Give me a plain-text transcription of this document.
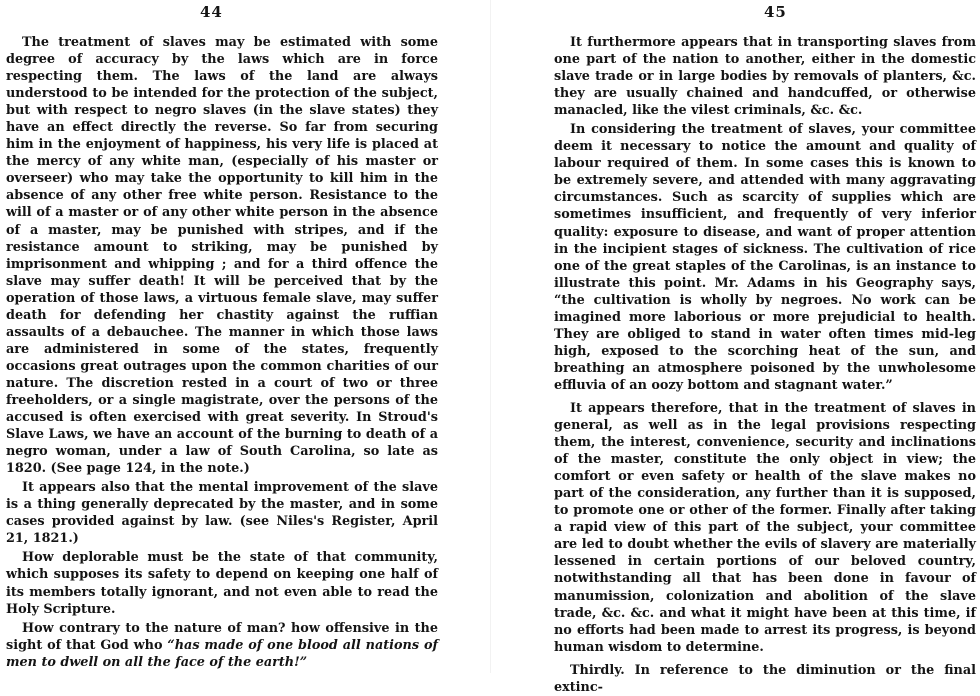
44

The treatment of slaves may be estimated with some degree of accuracy by the laws which are in force respecting them. The laws of the land are always understood to be intended for the protection of the subject, but with respect to negro slaves (in the slave states) they have an effect directly the reverse. So far from securing him in the enjoyment of happiness, his very life is placed at the mercy of any white man, (especially of his master or overseer) who may take the opportunity to kill him in the absence of any other free white person. Resistance to the will of a master or of any other white person in the absence of a master, may be punished with stripes, and if the resistance amount to striking, may be punished by imprisonment and whipping ; and for a third offence the slave may suffer death! It will be perceived that by the operation of those laws, a virtuous female slave, may suffer death for defending her chastity against the ruffian assaults of a debauchee. The manner in which those laws are administered in some of the states, frequently occasions great outrages upon the common charities of our nature. The discretion rested in a court of two or three freeholders, or a single magistrate, over the persons of the accused is often exercised with great severity. In Stroud's Slave Laws, we have an account of the burning to death of a negro woman, under a law of South Carolina, so late as 1820. (See page 124, in the note.)

It appears also that the mental improvement of the slave is a thing generally deprecated by the master, and in some cases provided against by law. (see Niles's Register, April 21, 1821.)

How deplorable must be the state of that community, which supposes its safety to depend on keeping one half of its members totally ignorant, and not even able to read the Holy Scripture.

How contrary to the nature of man? how offensive in the sight of that God who “has made of one blood all nations of men to dwell on all the face of the earth!”

45

It furthermore appears that in transporting slaves from one part of the nation to another, either in the domestic slave trade or in large bodies by removals of planters, &c. they are usually chained and handcuffed, or otherwise manacled, like the vilest criminals, &c. &c.

In considering the treatment of slaves, your committee deem it necessary to notice the amount and quality of labour required of them. In some cases this is known to be extremely severe, and attended with many aggravating circumstances. Such as scarcity of supplies which are sometimes insufficient, and frequently of very inferior quality: exposure to disease, and want of proper attention in the incipient stages of sickness. The cultivation of rice one of the great staples of the Carolinas, is an instance to illustrate this point. Mr. Adams in his Geography says, “the cultivation is wholly by negroes. No work can be imagined more laborious or more prejudicial to health. They are obliged to stand in water often times mid-leg high, exposed to the scorching heat of the sun, and breathing an atmosphere poisoned by the unwholesome effluvia of an oozy bottom and stagnant water.”

It appears therefore, that in the treatment of slaves in general, as well as in the legal provisions respecting them, the interest, convenience, security and inclinations of the master, constitute the only object in view; the comfort or even safety or health of the slave makes no part of the consideration, any further than it is supposed, to promote one or other of the former. Finally after taking a rapid view of this part of the subject, your committee are led to doubt whether the evils of slavery are materially lessened in certain portions of our beloved country, notwithstanding all that has been done in favour of manumission, colonization and abolition of the slave trade, &c. &c. and what it might have been at this time, if no efforts had been made to arrest its progress, is beyond human wisdom to determine.

Thirdly. In reference to the diminution or the final extinc-
